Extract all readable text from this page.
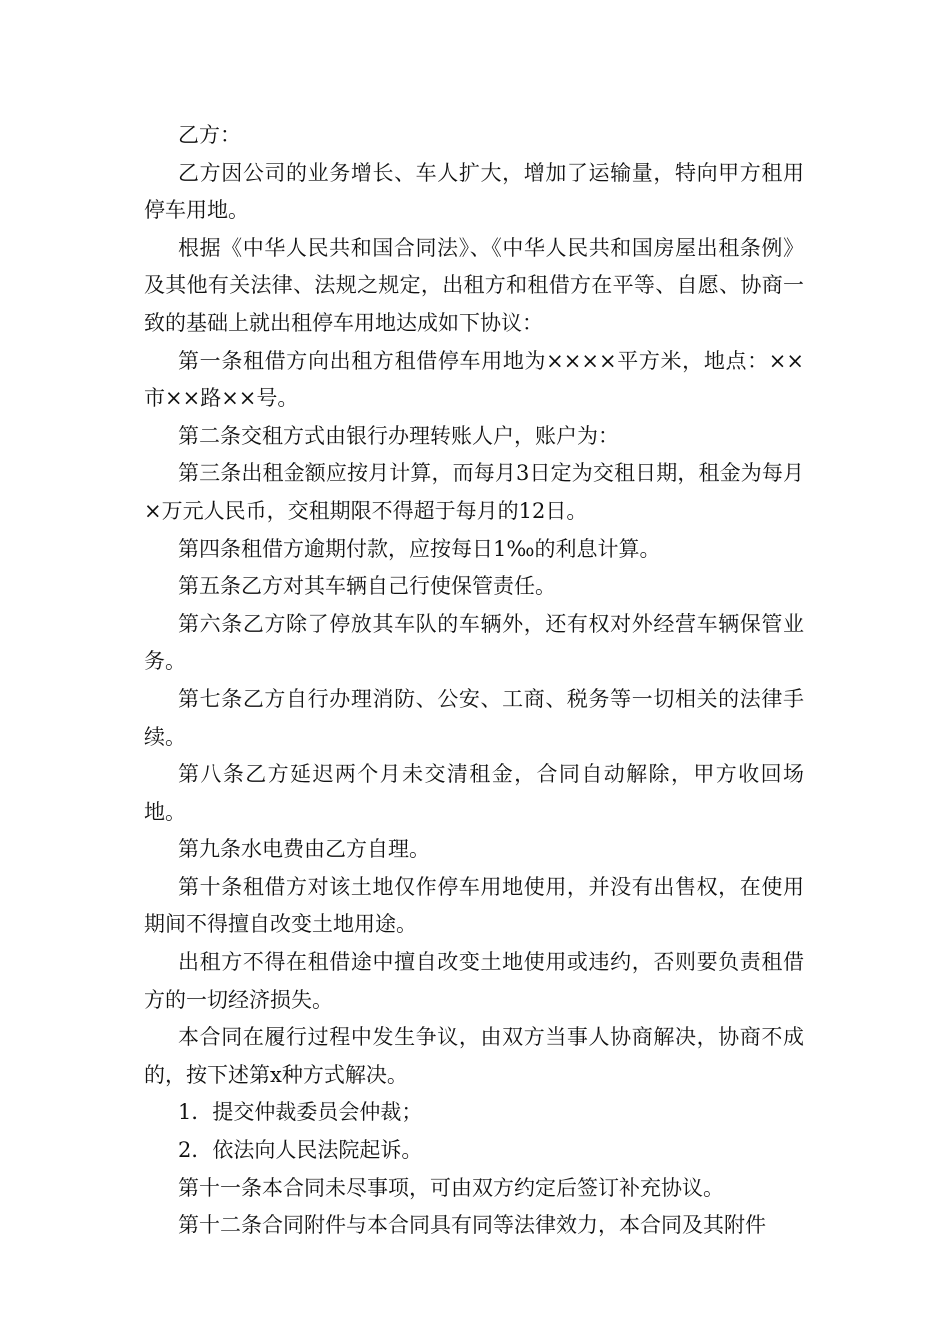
乙方：

乙方因公司的业务增长、车人扩大，增加了运输量，特向甲方租用停车用地。

根据《中华人民共和国合同法》、《中华人民共和国房屋出租条例》及其他有关法律、法规之规定，出租方和租借方在平等、自愿、协商一致的基础上就出租停车用地达成如下协议：

第一条租借方向出租方租借停车用地为××××平方米，地点：××市××路××号。

第二条交租方式由银行办理转账人户，账户为：

第三条出租金额应按月计算，而每月3日定为交租日期，租金为每月×万元人民币，交租期限不得超于每月的12日。

第四条租借方逾期付款，应按每日1‰的利息计算。

第五条乙方对其车辆自己行使保管责任。

第六条乙方除了停放其车队的车辆外，还有权对外经营车辆保管业务。

第七条乙方自行办理消防、公安、工商、税务等一切相关的法律手续。

第八条乙方延迟两个月未交清租金，合同自动解除，甲方收回场地。

第九条水电费由乙方自理。

第十条租借方对该土地仅作停车用地使用，并没有出售权，在使用期间不得擅自改变土地用途。

出租方不得在租借途中擅自改变土地使用或违约，否则要负责租借方的一切经济损失。

本合同在履行过程中发生争议，由双方当事人协商解决，协商不成的，按下述第x种方式解决。

1．提交仲裁委员会仲裁；

2．依法向人民法院起诉。

第十一条本合同未尽事项，可由双方约定后签订补充协议。

第十二条合同附件与本合同具有同等法律效力，本合同及其附件
